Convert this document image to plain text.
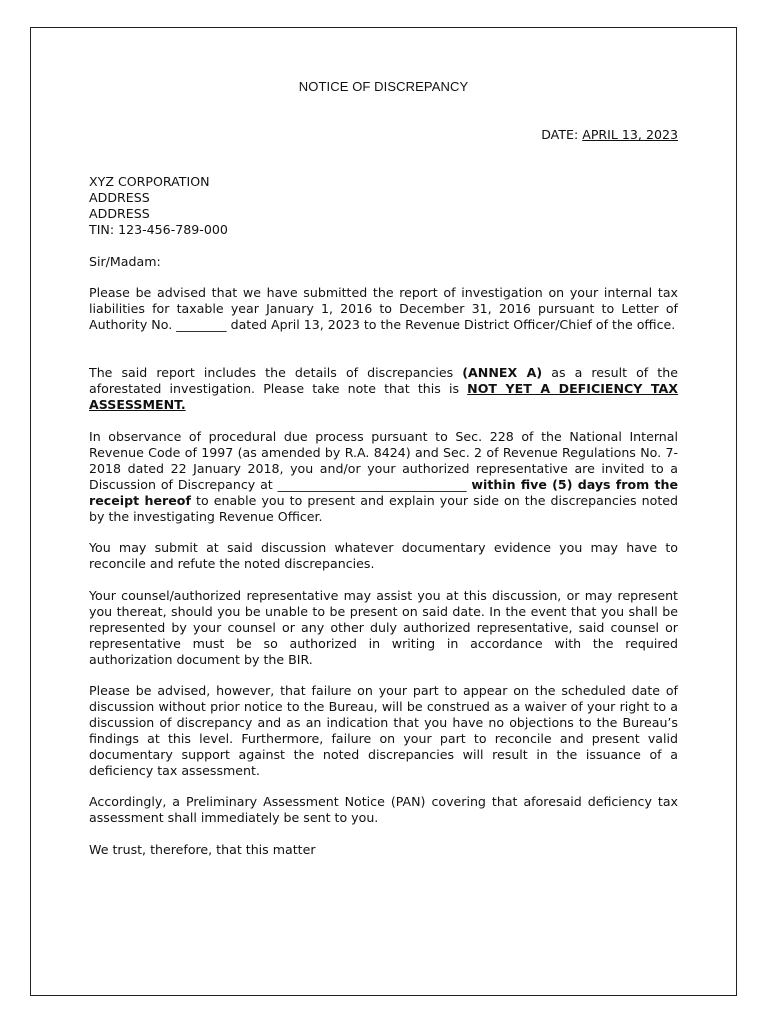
NOTICE OF DISCREPANCY
DATE: APRIL 13, 2023
XYZ CORPORATION
ADDRESS
ADDRESS
TIN: 123-456-789-000
Sir/Madam:

Please be advised that we have submitted the report of investigation on your internal tax liabilities for taxable year January 1, 2016 to December 31, 2016 pursuant to Letter of Authority No. ________ dated April 13, 2023 to the Revenue District Officer/Chief of the office.

The said report includes the details of discrepancies (ANNEX A) as a result of the aforestated investigation. Please take note that this is NOT YET A DEFICIENCY TAX ASSESSMENT.

In observance of procedural due process pursuant to Sec. 228 of the National Internal Revenue Code of 1997 (as amended by R.A. 8424) and Sec. 2 of Revenue Regulations No. 7-2018 dated 22 January 2018, you and/or your authorized representative are invited to a Discussion of Discrepancy at ______________________________ within five (5) days from the receipt hereof to enable you to present and explain your side on the discrepancies noted by the investigating Revenue Officer.

You may submit at said discussion whatever documentary evidence you may have to reconcile and refute the noted discrepancies.

Your counsel/authorized representative may assist you at this discussion, or may represent you thereat, should you be unable to be present on said date. In the event that you shall be represented by your counsel or any other duly authorized representative, said counsel or representative must be so authorized in writing in accordance with the required authorization document by the BIR.

Please be advised, however, that failure on your part to appear on the scheduled date of discussion without prior notice to the Bureau, will be construed as a waiver of your right to a discussion of discrepancy and as an indication that you have no objections to the Bureau’s findings at this level. Furthermore, failure on your part to reconcile and present valid documentary support against the noted discrepancies will result in the issuance of a deficiency tax assessment.

Accordingly, a Preliminary Assessment Notice (PAN) covering that aforesaid deficiency tax assessment shall immediately be sent to you.

We trust, therefore, that this matter
